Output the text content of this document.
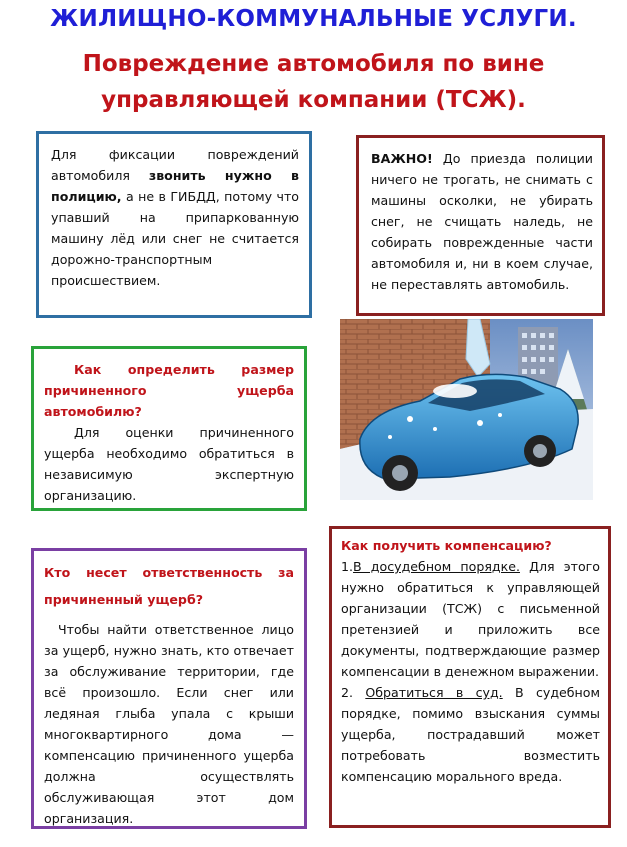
ЖИЛИЩНО-КОММУНАЛЬНЫЕ УСЛУГИ.
Повреждение автомобиля по вине
управляющей компании (ТСЖ).
Для фиксации повреждений автомобиля звонить нужно в полицию, а не в ГИБДД, потому что упавший на припаркованную машину лёд или снег не считается дорожно-транспортным происшествием.
ВАЖНО! До приезда полиции ничего не трогать, не снимать с машины осколки, не убирать снег, не счищать наледь, не собирать поврежденные части автомобиля и, ни в коем случае, не переставлять автомобиль.
Как определить размер причиненного ущерба автомобилю?
Для оценки причиненного ущерба необходимо обратиться в независимую экспертную организацию.
Кто несет ответственность за причиненный ущерб?
Чтобы найти ответственное лицо за ущерб, нужно знать, кто отвечает за обслуживание территории, где всё произошло. Если снег или ледяная глыба упала с крыши многоквартирного дома — компенсацию причиненного ущерба должна осуществлять обслуживающая этот дом организация.
Как получить компенсацию?
1.В досудебном порядке. Для этого нужно обратиться к управляющей организации (ТСЖ) с письменной претензией и приложить все документы, подтверждающие размер компенсации в денежном выражении.
2. Обратиться в суд. В судебном порядке, помимо взыскания суммы ущерба, пострадавший может потребовать возместить компенсацию морального вреда.
